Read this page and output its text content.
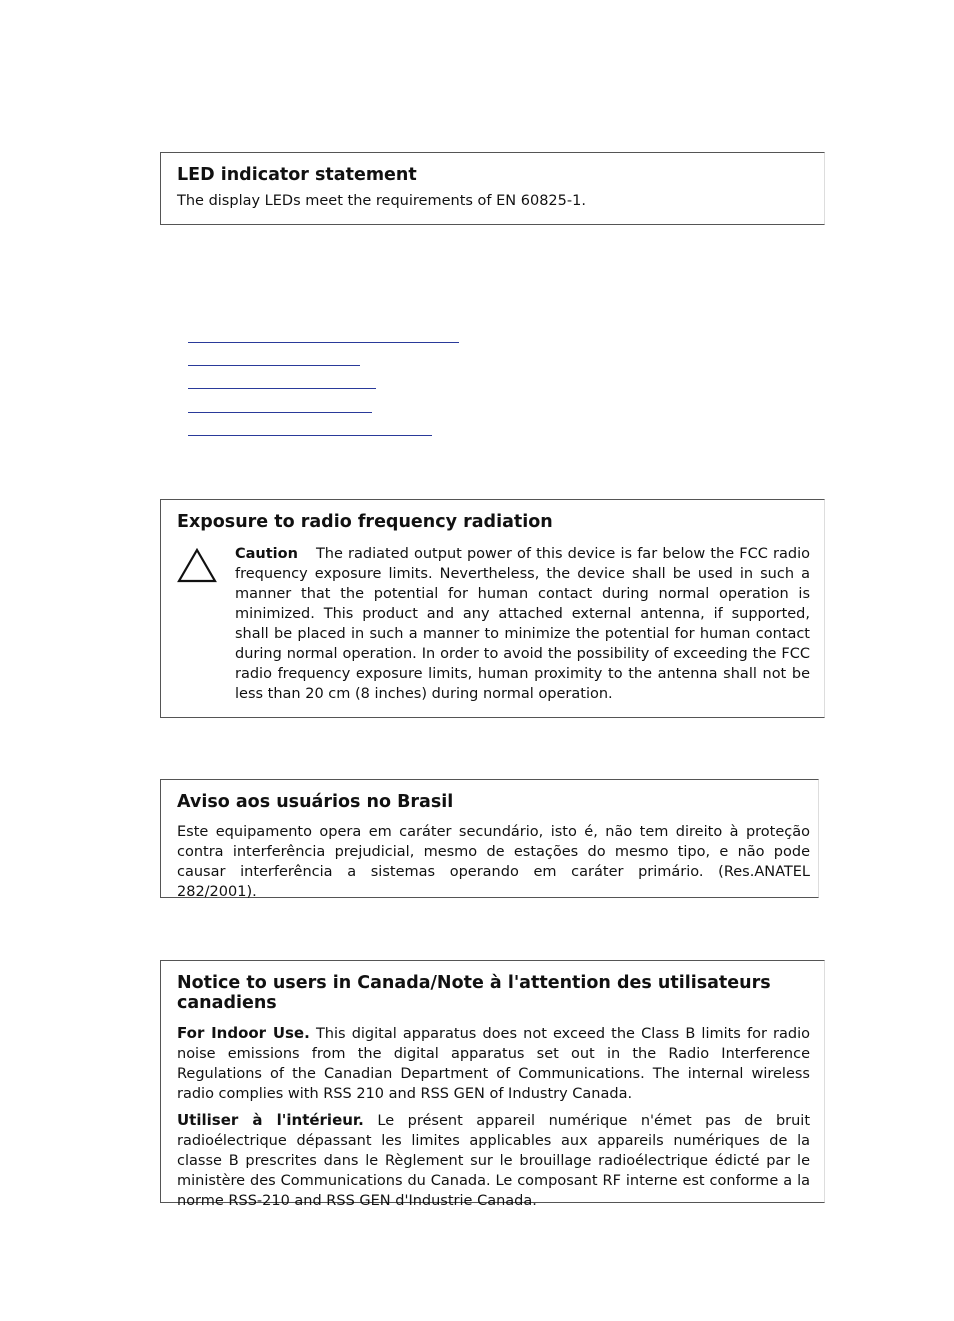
LED indicator statement

The display LEDs meet the requirements of EN 60825-1.

Exposure to radio frequency radiation

Caution The radiated output power of this device is far below the FCC radio frequency exposure limits. Nevertheless, the device shall be used in such a manner that the potential for human contact during normal operation is minimized. This product and any attached external antenna, if supported, shall be placed in such a manner to minimize the potential for human contact during normal operation. In order to avoid the possibility of exceeding the FCC radio frequency exposure limits, human proximity to the antenna shall not be less than 20 cm (8 inches) during normal operation.

Aviso aos usuários no Brasil

Este equipamento opera em caráter secundário, isto é, não tem direito à proteção contra interferência prejudicial, mesmo de estações do mesmo tipo, e não pode causar interferência a sistemas operando em caráter primário. (Res.ANATEL 282/2001).

Notice to users in Canada/Note à l'attention des utilisateurs canadiens

For Indoor Use. This digital apparatus does not exceed the Class B limits for radio noise emissions from the digital apparatus set out in the Radio Interference Regulations of the Canadian Department of Communications. The internal wireless radio complies with RSS 210 and RSS GEN of Industry Canada.

Utiliser à l'intérieur. Le présent appareil numérique n'émet pas de bruit radioélectrique dépassant les limites applicables aux appareils numériques de la classe B prescrites dans le Règlement sur le brouillage radioélectrique édicté par le ministère des Communications du Canada. Le composant RF interne est conforme a la norme RSS-210 and RSS GEN d'Industrie Canada.
